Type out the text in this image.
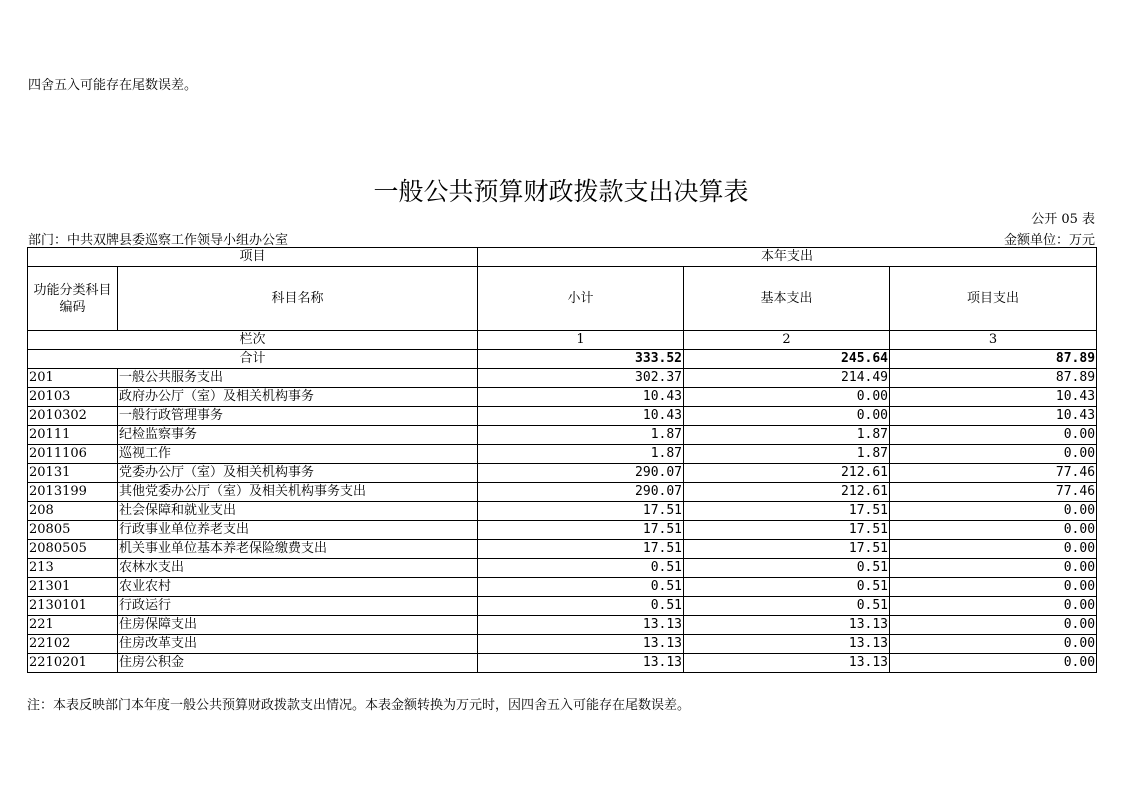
四舍五入可能存在尾数误差。
一般公共预算财政拨款支出决算表
公开 05 表
部门：中共双牌县委巡察工作领导小组办公室	金额单位：万元
项目		本年支出		
功能分类科目编码	科目名称	小计	基本支出	项目支出
栏次		1	2	3
合计		333.52	245.64	87.89
201	一般公共服务支出	302.37	214.49	87.89
20103	政府办公厅（室）及相关机构事务	10.43	0.00	10.43
2010302	一般行政管理事务	10.43	0.00	10.43
20111	纪检监察事务	1.87	1.87	0.00
2011106	巡视工作	1.87	1.87	0.00
20131	党委办公厅（室）及相关机构事务	290.07	212.61	77.46
2013199	其他党委办公厅（室）及相关机构事务支出	290.07	212.61	77.46
208	社会保障和就业支出	17.51	17.51	0.00
20805	行政事业单位养老支出	17.51	17.51	0.00
2080505	机关事业单位基本养老保险缴费支出	17.51	17.51	0.00
213	农林水支出	0.51	0.51	0.00
21301	农业农村	0.51	0.51	0.00
2130101	行政运行	0.51	0.51	0.00
221	住房保障支出	13.13	13.13	0.00
22102	住房改革支出	13.13	13.13	0.00
2210201	住房公积金	13.13	13.13	0.00
注：本表反映部门本年度一般公共预算财政拨款支出情况。本表金额转换为万元时，因四舍五入可能存在尾数误差。
